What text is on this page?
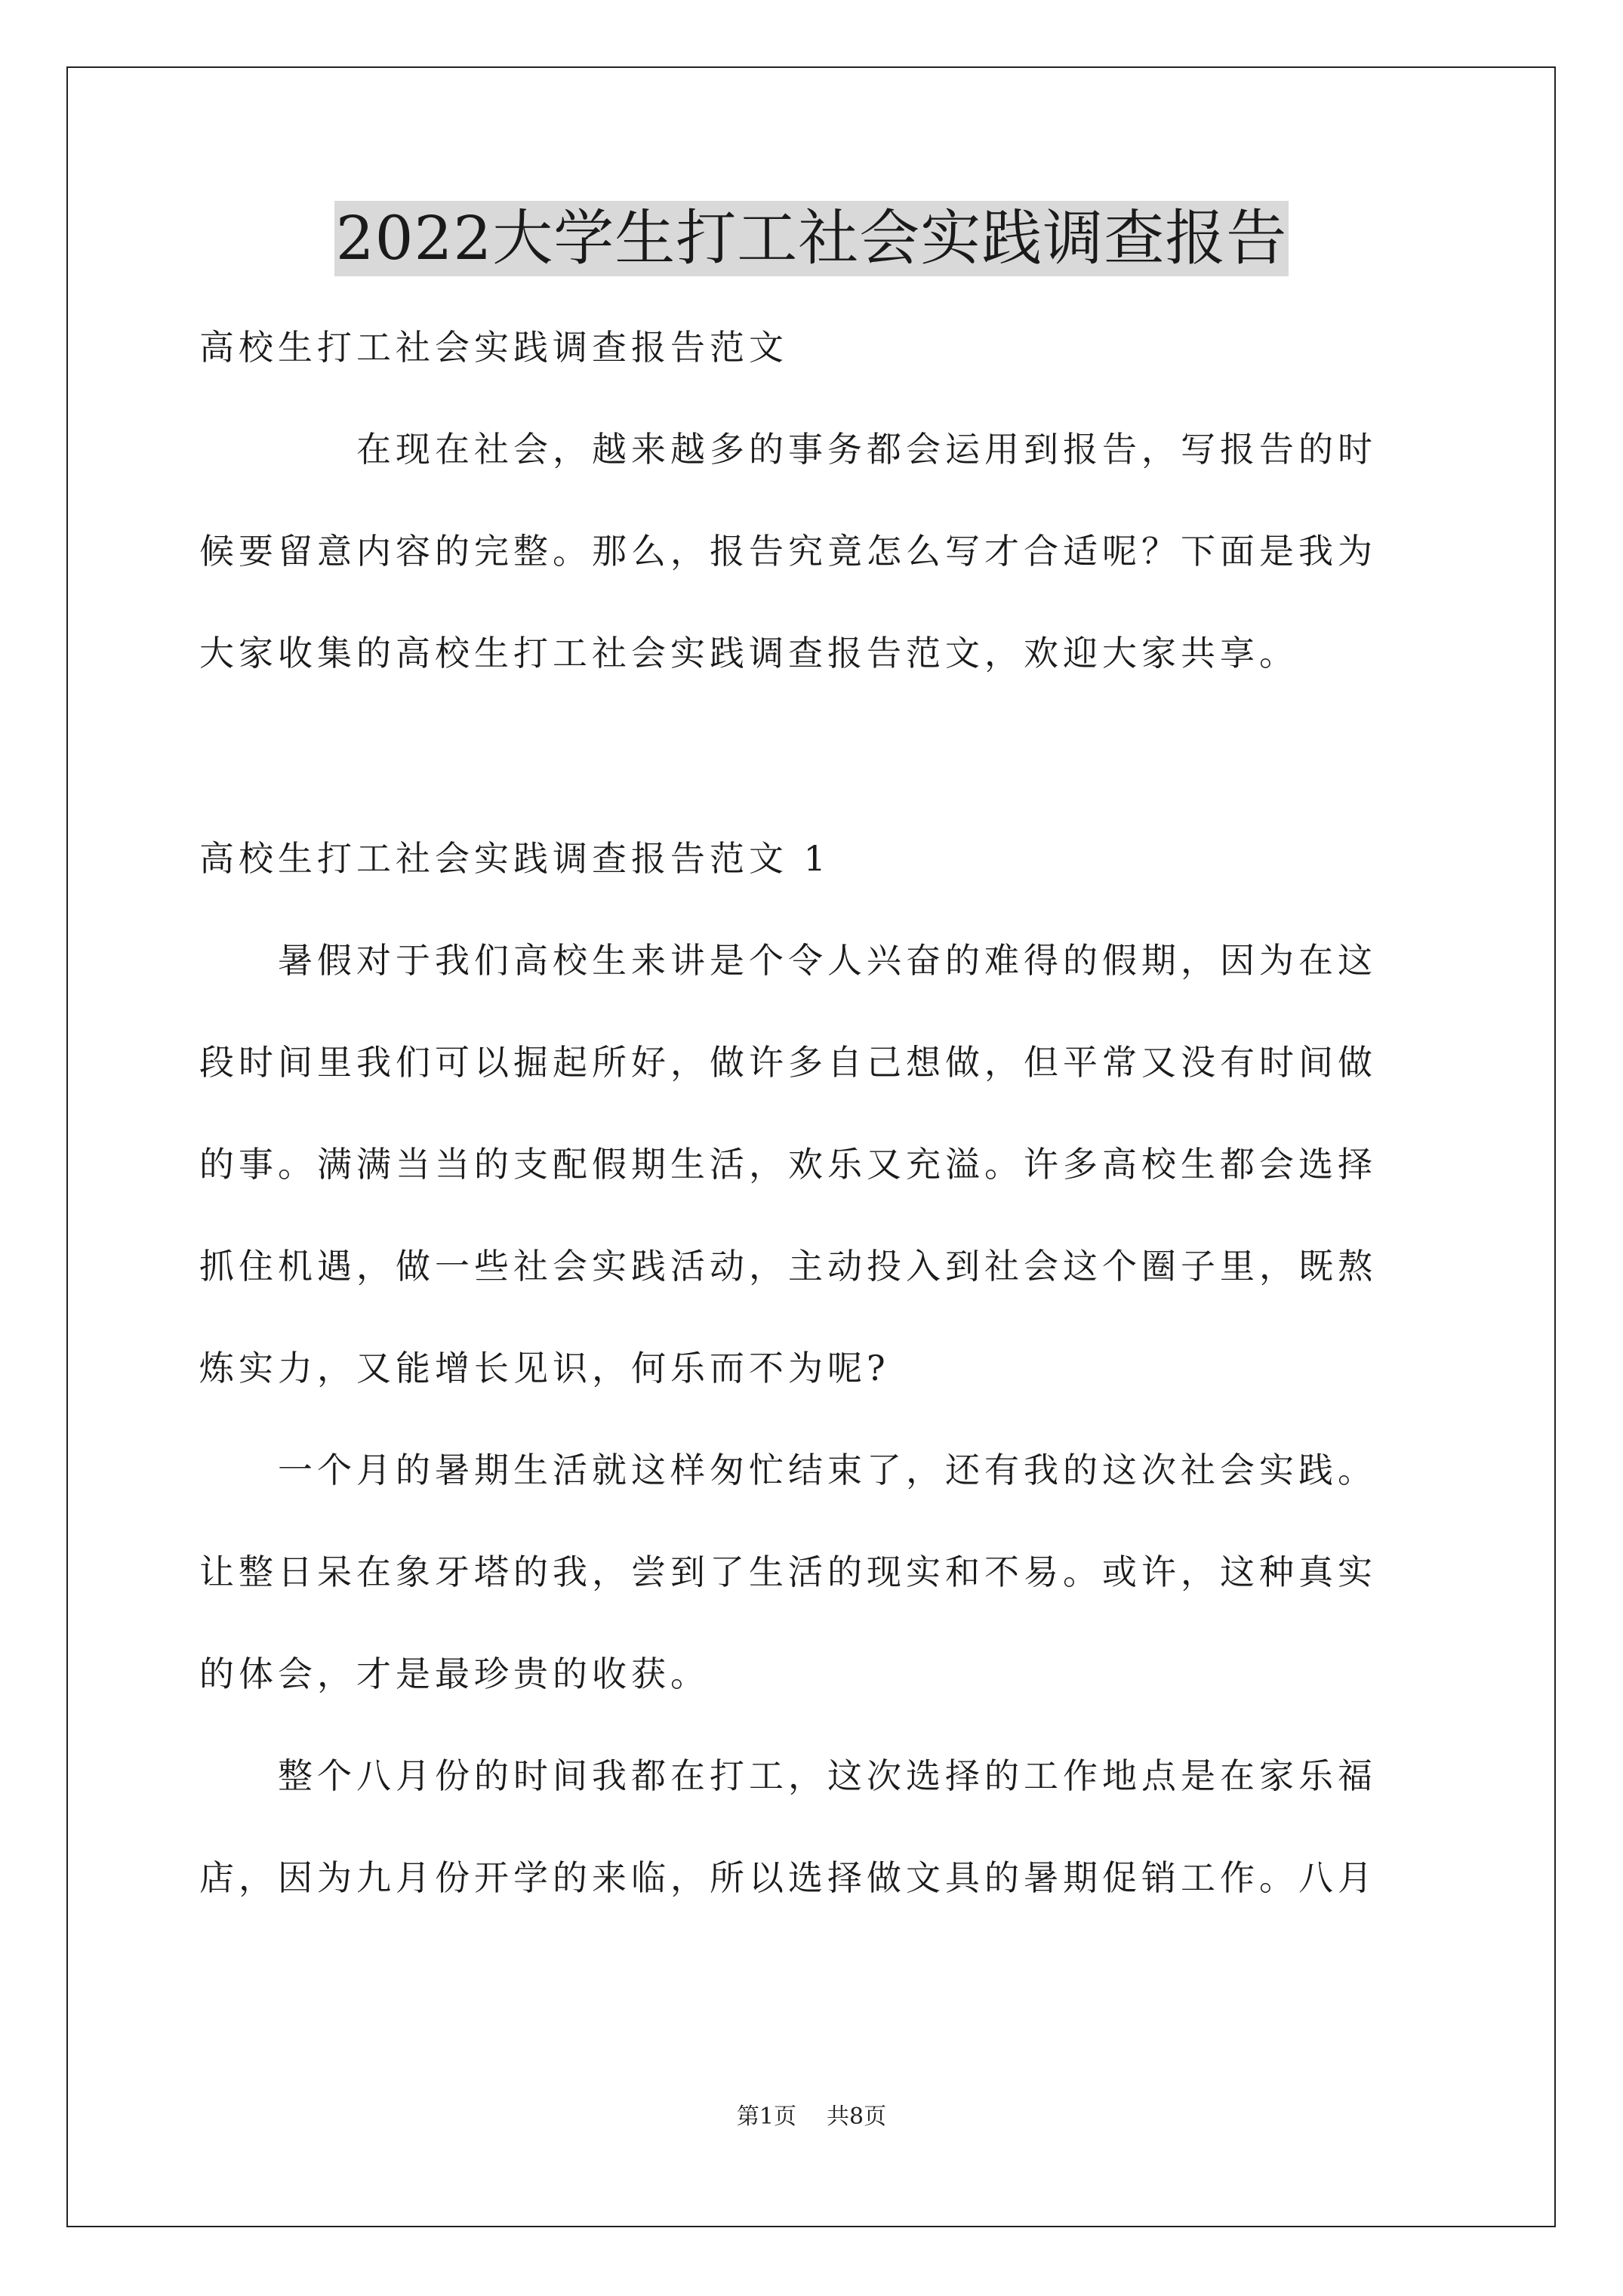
2022大学生打工社会实践调查报告
高校生打工社会实践调查报告范文
在现在社会，越来越多的事务都会运用到报告，写报告的时
候要留意内容的完整。那么，报告究竟怎么写才合适呢？下面是我为
大家收集的高校生打工社会实践调查报告范文，欢迎大家共享。
高校生打工社会实践调查报告范文 1
暑假对于我们高校生来讲是个令人兴奋的难得的假期，因为在这
段时间里我们可以掘起所好，做许多自己想做，但平常又没有时间做
的事。满满当当的支配假期生活，欢乐又充溢。许多高校生都会选择
抓住机遇，做一些社会实践活动，主动投入到社会这个圈子里，既熬
炼实力，又能增长见识，何乐而不为呢?
一个月的暑期生活就这样匆忙结束了，还有我的这次社会实践。
让整日呆在象牙塔的我，尝到了生活的现实和不易。或许，这种真实
的体会，才是最珍贵的收获。
整个八月份的时间我都在打工，这次选择的工作地点是在家乐福
店，因为九月份开学的来临，所以选择做文具的暑期促销工作。八月
第1页 共8页
